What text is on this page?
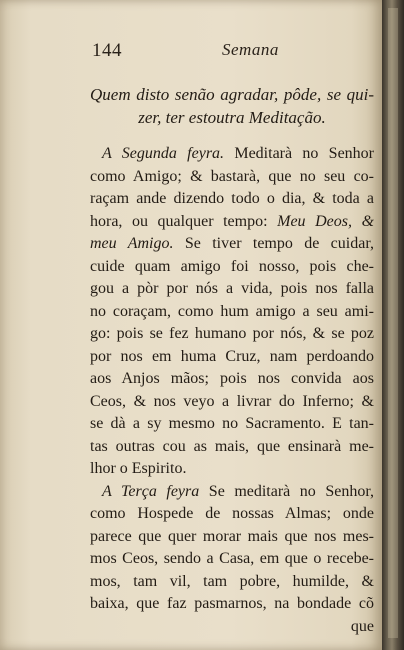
144	Semana
Quem disto senão agradar, pôde, se qui-
zer, ter estoutra Meditação.
A Segunda feyra. Meditarà no Senhor
como Amigo; & bastarà, que no seu co-
raçam ande dizendo todo o dia, & toda a
hora, ou qualquer tempo: Meu Deos, &
meu Amigo. Se tiver tempo de cuidar,
cuide quam amigo foi nosso, pois che-
gou a pòr por nós a vida, pois nos falla
no coraçam, como hum amigo a seu ami-
go: pois se fez humano por nós, & se poz
por nos em huma Cruz, nam perdoando
aos Anjos mãos; pois nos convida aos
Ceos, & nos veyo a livrar do Inferno; &
se dà a sy mesmo no Sacramento. E tan-
tas outras cou as mais, que ensinarà me-
lhor o Espirito.
A Terça feyra Se meditarà no Senhor,
como Hospede de nossas Almas; onde
parece que quer morar mais que nos mes-
mos Ceos, sendo a Casa, em que o recebe-
mos, tam vil, tam pobre, humilde, &
baixa, que faz pasmarnos, na bondade cõ
que
